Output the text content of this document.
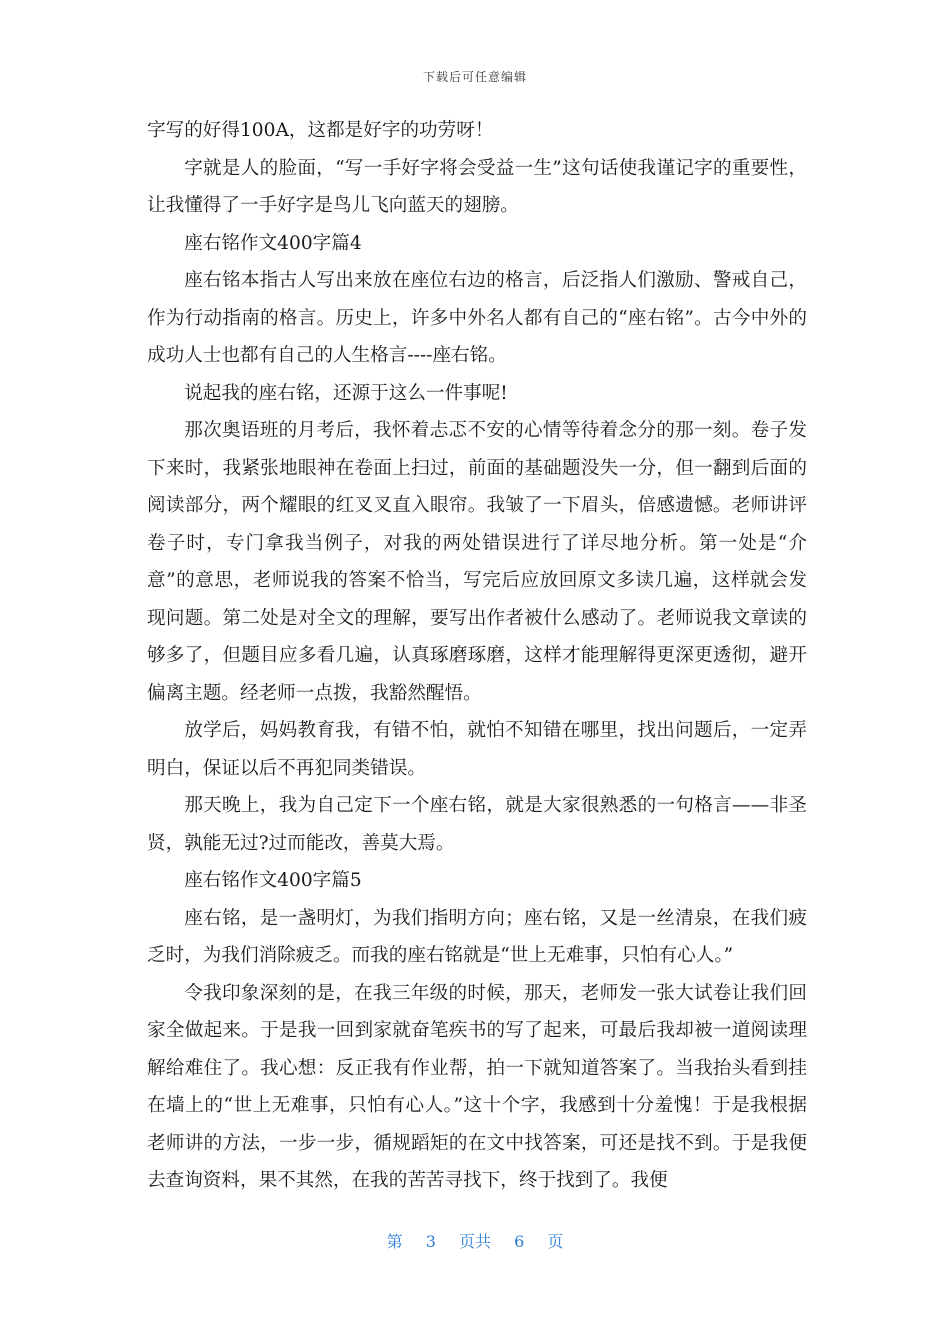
下载后可任意编辑

字写的好得100A，这都是好字的功劳呀！

字就是人的脸面，“写一手好字将会受益一生”这句话使我谨记字的重要性，让我懂得了一手好字是鸟儿飞向蓝天的翅膀。

座右铭作文400字篇4

座右铭本指古人写出来放在座位右边的格言，后泛指人们激励、警戒自己，作为行动指南的格言。历史上，许多中外名人都有自己的“座右铭”。古今中外的成功人士也都有自己的人生格言----座右铭。

说起我的座右铭，还源于这么一件事呢!

那次奥语班的月考后，我怀着忐忑不安的心情等待着念分的那一刻。卷子发下来时，我紧张地眼神在卷面上扫过，前面的基础题没失一分，但一翻到后面的阅读部分，两个耀眼的红叉叉直入眼帘。我皱了一下眉头，倍感遗憾。老师讲评卷子时，专门拿我当例子，对我的两处错误进行了详尽地分析。第一处是“介意”的意思，老师说我的答案不恰当，写完后应放回原文多读几遍，这样就会发现问题。第二处是对全文的理解，要写出作者被什么感动了。老师说我文章读的够多了，但题目应多看几遍，认真琢磨琢磨，这样才能理解得更深更透彻，避开偏离主题。经老师一点拨，我豁然醒悟。

放学后，妈妈教育我，有错不怕，就怕不知错在哪里，找出问题后，一定弄明白，保证以后不再犯同类错误。

那天晚上，我为自己定下一个座右铭，就是大家很熟悉的一句格言——非圣贤，孰能无过?过而能改，善莫大焉。

座右铭作文400字篇5

座右铭，是一盏明灯，为我们指明方向；座右铭，又是一丝清泉，在我们疲乏时，为我们消除疲乏。而我的座右铭就是“世上无难事，只怕有心人。”

令我印象深刻的是，在我三年级的时候，那天，老师发一张大试卷让我们回家全做起来。于是我一回到家就奋笔疾书的写了起来，可最后我却被一道阅读理解给难住了。我心想：反正我有作业帮，拍一下就知道答案了。当我抬头看到挂在墙上的“世上无难事，只怕有心人。”这十个字，我感到十分羞愧！于是我根据老师讲的方法，一步一步，循规蹈矩的在文中找答案，可还是找不到。于是我便去查询资料，果不其然，在我的苦苦寻找下，终于找到了。我便

第 3 页共 6 页
